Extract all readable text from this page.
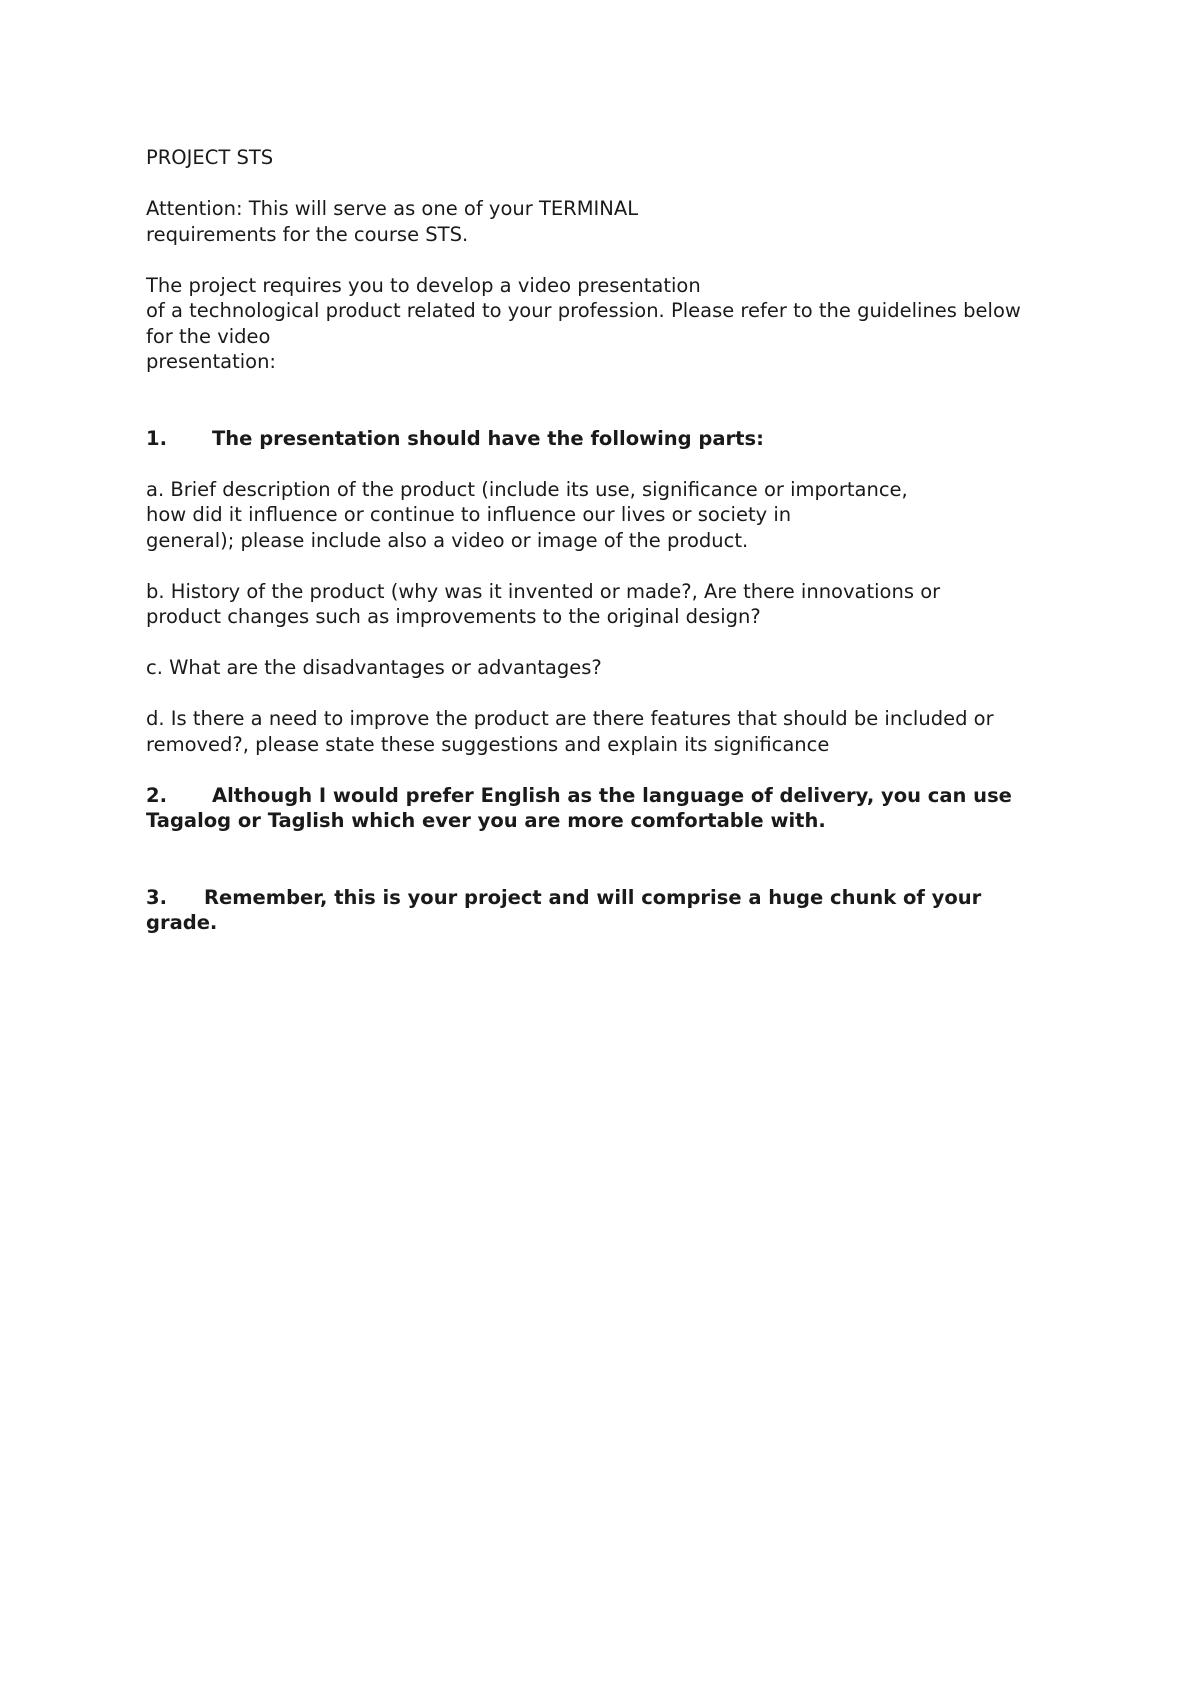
PROJECT STS
Attention: This will serve as one of your TERMINAL
requirements for the course STS.
The project requires you to develop a video presentation
of a technological product related to your profession. Please refer to the guidelines below
for the video
presentation:
1. The presentation should have the following parts:
a. Brief description of the product (include its use, significance or importance,
how did it influence or continue to influence our lives or society in
general); please include also a video or image of the product.
b. History of the product (why was it invented or made?, Are there innovations or
product changes such as improvements to the original design?
c. What are the disadvantages or advantages?
d. Is there a need to improve the product are there features that should be included or
removed?, please state these suggestions and explain its significance
2. Although I would prefer English as the language of delivery, you can use
Tagalog or Taglish which ever you are more comfortable with.
3. Remember, this is your project and will comprise a huge chunk of your
grade.
